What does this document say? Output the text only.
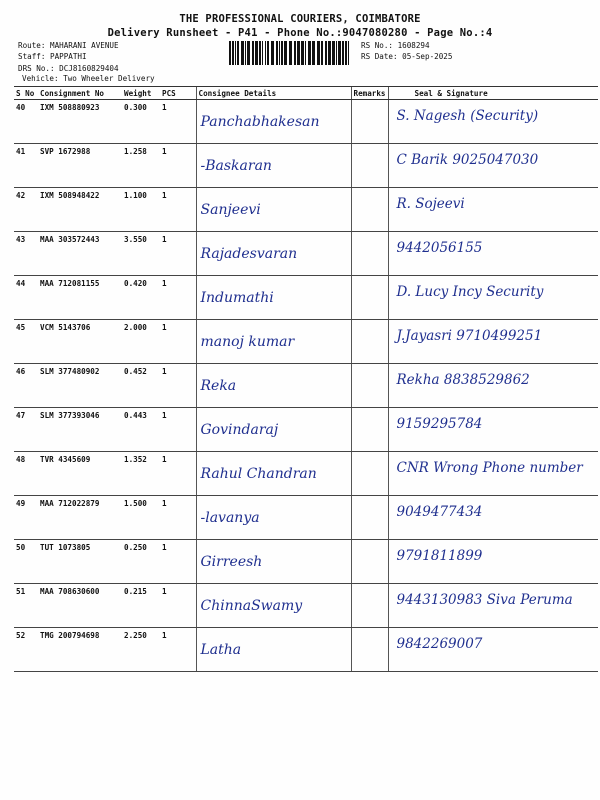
THE PROFESSIONAL COURIERS, COIMBATORE
Delivery Runsheet - P41 - Phone No.:9047080280 - Page No.:4
Route: MAHARANI AVENUE
Staff: PAPPATHI
DRS No.: DCJ8160829404
Vehicle: Two Wheeler Delivery
RS No.: 1608294
RS Date: 05-Sep-2025
S No	Consignment No	Weight	PCS	Consignee Details	Remarks	Seal & Signature
40	IXM 508880923	0.300	1	Panchabhakesan		S. Nagesh (Security)

41	SVP 1672988	1.258	1	-Baskaran		C Barik 9025047030

42	IXM 508948422	1.100	1	Sanjeevi		R. Sojeevi

43	MAA 303572443	3.550	1	Rajadesvaran		9442056155

44	MAA 712081155	0.420	1	Indumathi		D. Lucy Incy Security

45	VCM 5143706	2.000	1	manoj kumar		J.Jayasri 9710499251

46	SLM 377480902	0.452	1	Reka		Rekha 8838529862

47	SLM 377393046	0.443	1	Govindaraj		9159295784

48	TVR 4345609	1.352	1	Rahul Chandran		CNR Wrong Phone number

49	MAA 712022879	1.500	1	-lavanya		9049477434

50	TUT 1073805	0.250	1	Girreesh		9791811899

51	MAA 708630600	0.215	1	ChinnaSwamy		9443130983 Siva Peruma

52	TMG 200794698	2.250	1	Latha		9842269007
